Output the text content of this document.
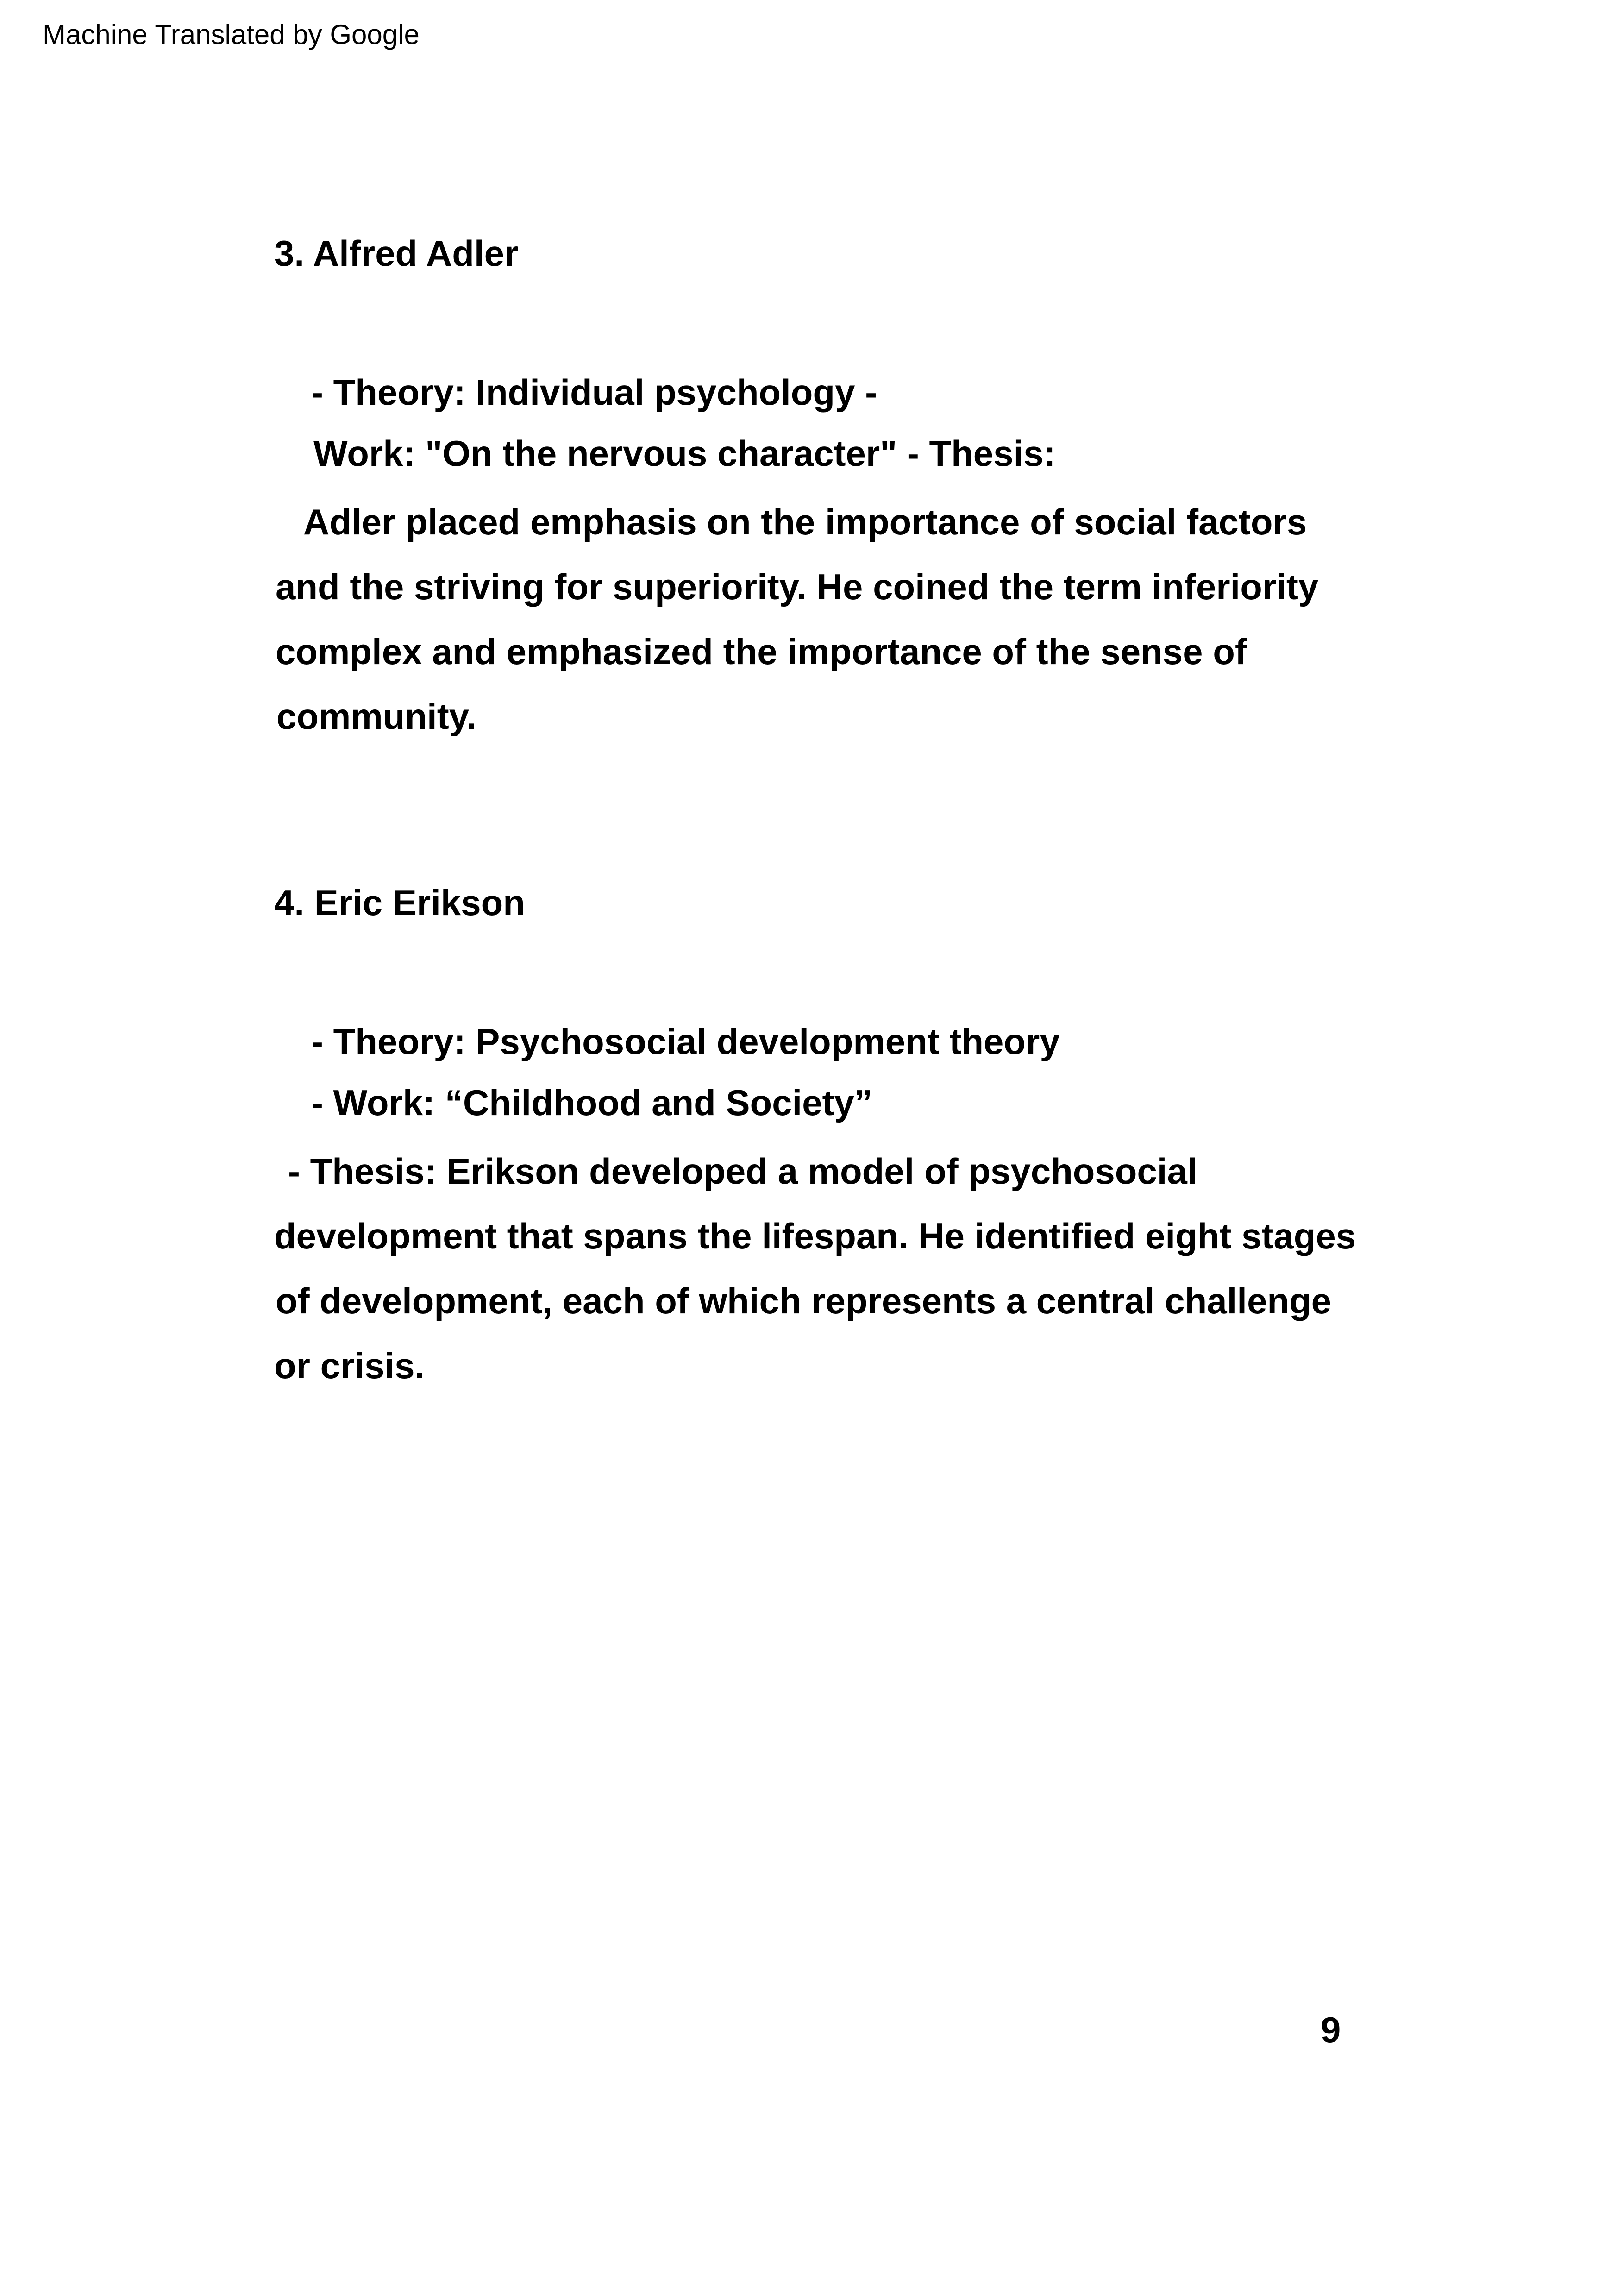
Machine Translated by Google
3. Alfred Adler
- Theory: Individual psychology -
Work: "On the nervous character" - Thesis:
Adler placed emphasis on the importance of social factors
and the striving for superiority. He coined the term inferiority
complex and emphasized the importance of the sense of
community.
4. Eric Erikson
- Theory: Psychosocial development theory
- Work: “Childhood and Society”
- Thesis: Erikson developed a model of psychosocial
development that spans the lifespan. He identified eight stages
of development, each of which represents a central challenge
or crisis.
9
